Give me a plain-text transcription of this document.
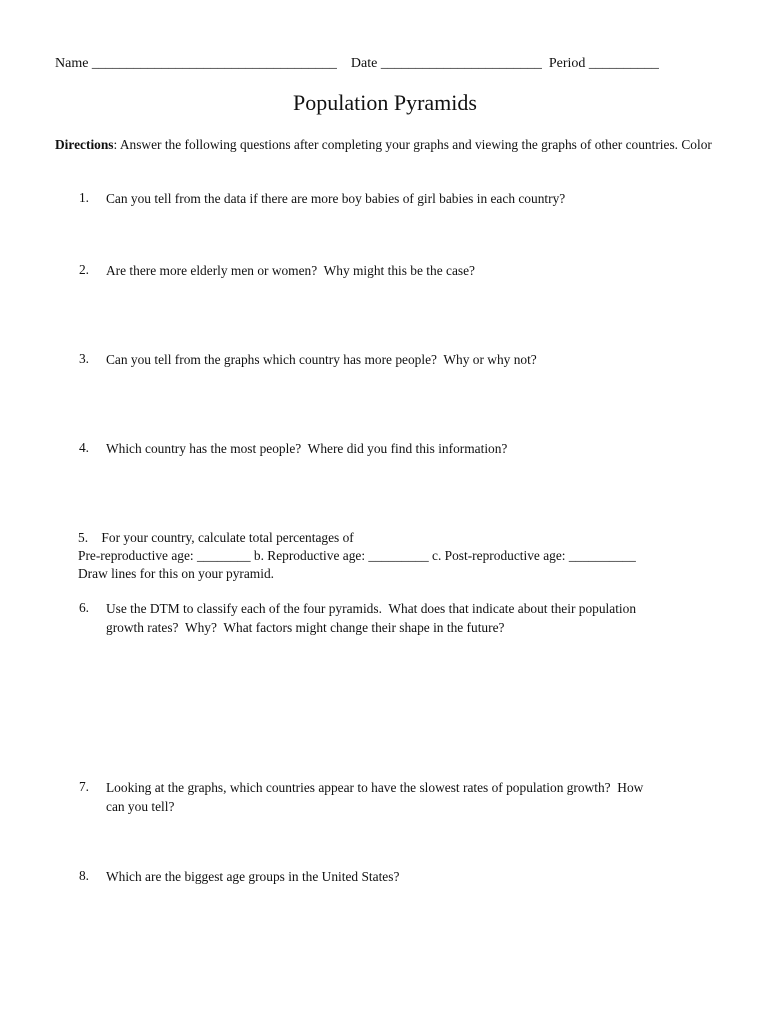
Name ___________________________________    Date _______________________  Period __________
Population Pyramids
Directions: Answer the following questions after completing your graphs and viewing the graphs of other countries. Color
1. Can you tell from the data if there are more boy babies of girl babies in each country?
2. Are there more elderly men or women?  Why might this be the case?
3. Can you tell from the graphs which country has more people?  Why or why not?
4. Which country has the most people?  Where did you find this information?
5.    For your country, calculate total percentages of
Pre-reproductive age: ________ b. Reproductive age: _________ c. Post-reproductive age: __________
Draw lines for this on your pyramid.
6. Use the DTM to classify each of the four pyramids.  What does that indicate about their population
growth rates?  Why?  What factors might change their shape in the future?
7. Looking at the graphs, which countries appear to have the slowest rates of population growth?  How
can you tell?
8. Which are the biggest age groups in the United States?
